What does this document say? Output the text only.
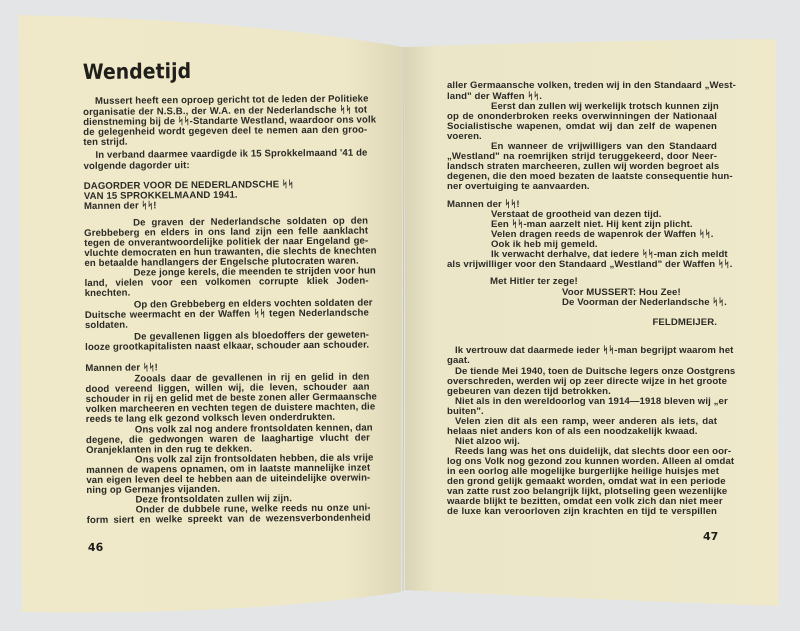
Wendetijd
46
Mussert heeft een oproep gericht tot de leden der Politieke
organisatie der N.S.B., der W.A. en der Nederlandsche ᛋᛋ tot
dienstneming bij de ᛋᛋ-Standarte Westland, waardoor ons volk
de gelegenheid wordt gegeven deel te nemen aan den groo-
ten strijd.
In verband daarmee vaardigde ik 15 Sprokkelmaand '41 de
volgende dagorder uit:
DAGORDER VOOR DE NEDERLANDSCHE ᛋᛋ
VAN 15 SPROKKELMAAND 1941.
Mannen der ᛋᛋ!
De graven der Nederlandsche soldaten op den
Grebbeberg en elders in ons land zijn een felle aanklacht
tegen de onverantwoordelijke politiek der naar Engeland ge-
vluchte democraten en hun trawanten, die slechts de knechten
en betaalde handlangers der Engelsche plutocraten waren.
Deze jonge kerels, die meenden te strijden voor hun
land, vielen voor een volkomen corrupte kliek Joden-
knechten.
Op den Grebbeberg en elders vochten soldaten der
Duitsche weermacht en der Waffen ᛋᛋ tegen Nederlandsche
soldaten.
De gevallenen liggen als bloedoffers der geweten-
looze grootkapitalisten naast elkaar, schouder aan schouder.
Mannen der ᛋᛋ!
Zooals daar de gevallenen in rij en gelid in den
dood vereend liggen, willen wij, die leven, schouder aan
schouder in rij en gelid met de beste zonen aller Germaansche
volken marcheeren en vechten tegen de duistere machten, die
reeds te lang elk gezond volksch leven onderdrukten.
Ons volk zal nog andere frontsoldaten kennen, dan
degene, die gedwongen waren de laaghartige vlucht der
Oranjeklanten in den rug te dekken.
Ons volk zal zijn frontsoldaten hebben, die als vrije
mannen de wapens opnamen, om in laatste mannelijke inzet
van eigen leven deel te hebben aan de uiteindelijke overwin-
ning op Germanjes vijanden.
Deze frontsoldaten zullen wij zijn.
Onder de dubbele rune, welke reeds nu onze uni-
form siert en welke spreekt van de wezensverbondenheid
47
aller Germaansche volken, treden wij in den Standaard „West-
land" der Waffen ᛋᛋ.
Eerst dan zullen wij werkelijk trotsch kunnen zijn
op de ononderbroken reeks overwinningen der Nationaal
Socialistische wapenen, omdat wij dan zelf de wapenen
voeren.
En wanneer de vrijwilligers van den Standaard
„Westland" na roemrijken strijd teruggekeerd, door Neer-
landsch straten marcheeren, zullen wij worden begroet als
degenen, die den moed bezaten de laatste consequentie hun-
ner overtuiging te aanvaarden.
Mannen der ᛋᛋ!
Verstaat de grootheid van dezen tijd.
Een ᛋᛋ-man aarzelt niet. Hij kent zijn plicht.
Velen dragen reeds de wapenrok der Waffen ᛋᛋ.
Ook ik heb mij gemeld.
Ik verwacht derhalve, dat iedere ᛋᛋ-man zich meldt
als vrijwilliger voor den Standaard „Westland" der Waffen ᛋᛋ.
Met Hitler ter zege!
Voor MUSSERT: Hou Zee!
De Voorman der Nederlandsche ᛋᛋ.
FELDMEIJER.
Ik vertrouw dat daarmede ieder ᛋᛋ-man begrijpt waarom het
gaat.
De tiende Mei 1940, toen de Duitsche legers onze Oostgrens
overschreden, werden wij op zeer directe wijze in het groote
gebeuren van dezen tijd betrokken.
Niet als in den wereldoorlog van 1914—1918 bleven wij „er
buiten".
Velen zien dit als een ramp, weer anderen als iets, dat
helaas niet anders kon of als een noodzakelijk kwaad.
Niet alzoo wij.
Reeds lang was het ons duidelijk, dat slechts door een oor-
log ons Volk nog gezond zou kunnen worden. Alleen al omdat
in een oorlog alle mogelijke burgerlijke heilige huisjes met
den grond gelijk gemaakt worden, omdat wat in een periode
van zatte rust zoo belangrijk lijkt, plotseling geen wezenlijke
waarde blijkt te bezitten, omdat een volk zich dan niet meer
de luxe kan veroorloven zijn krachten en tijd te verspillen
